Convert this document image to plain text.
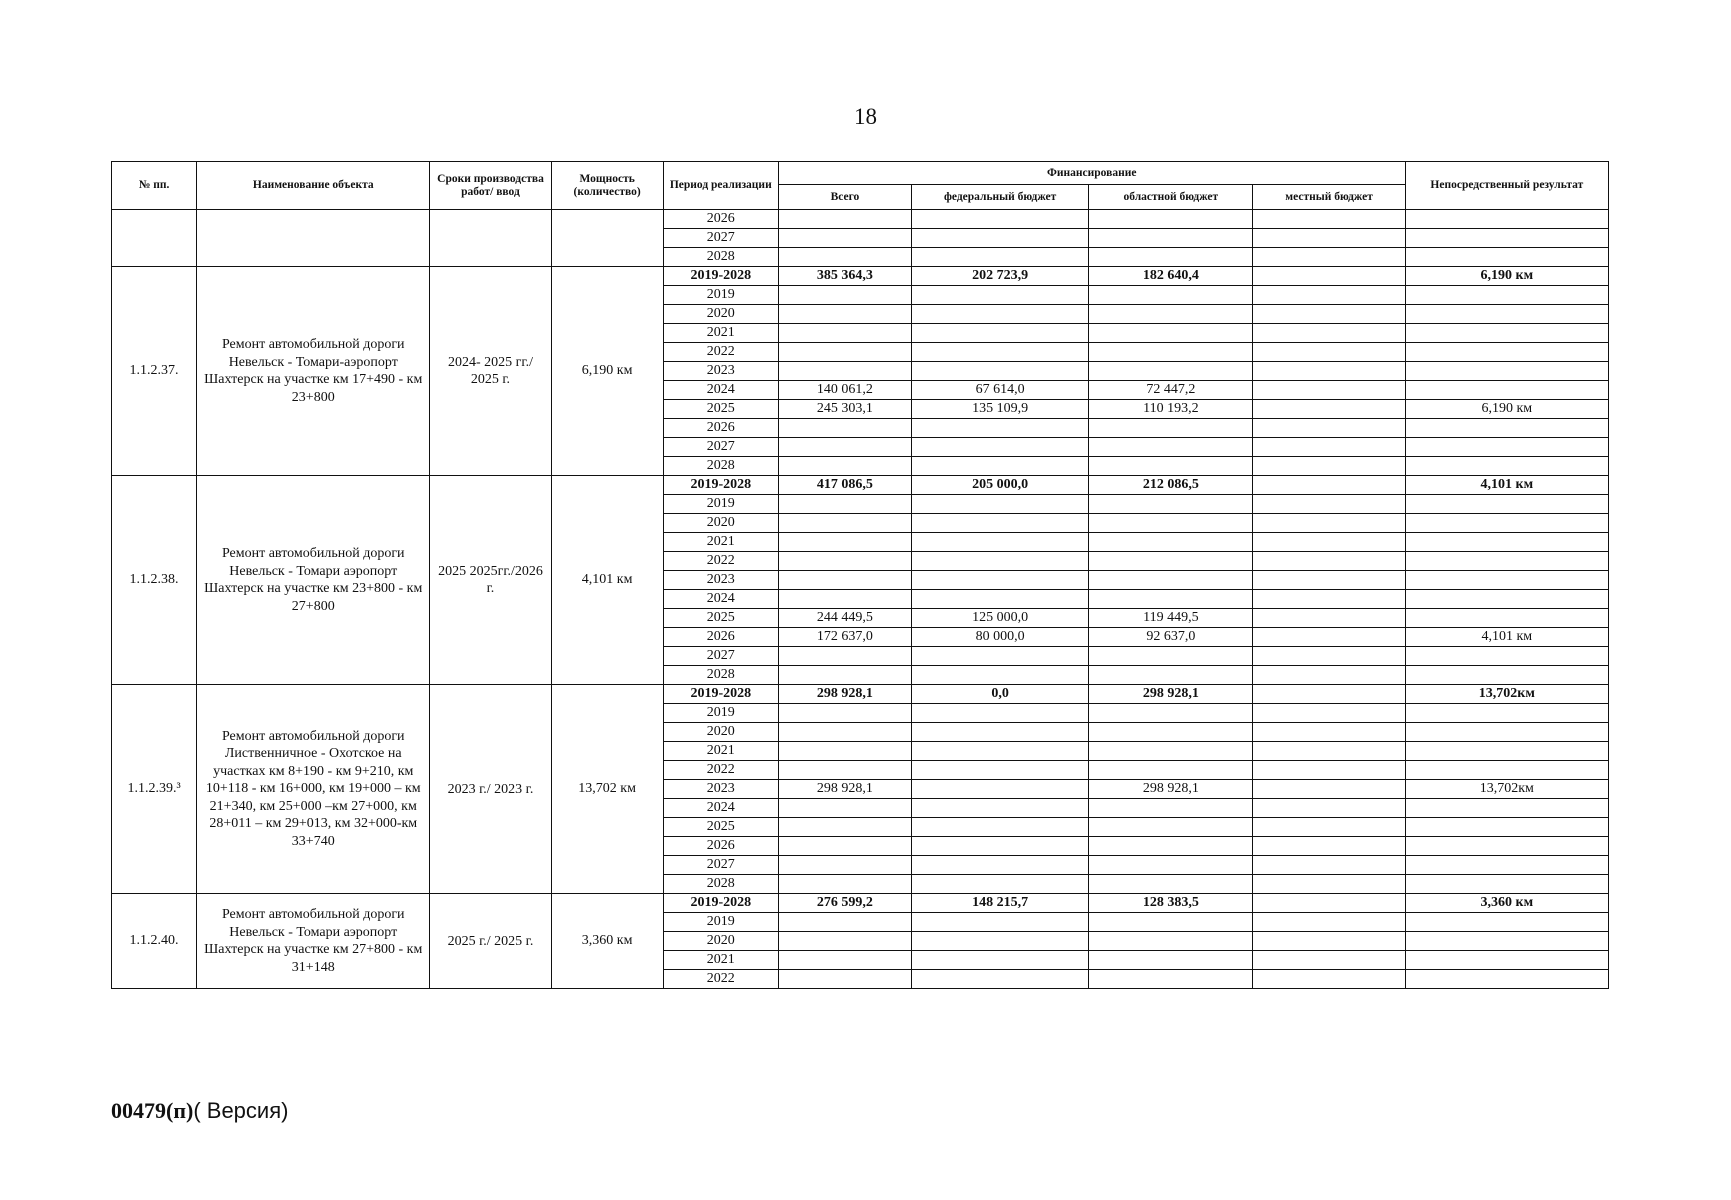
18
№ пп.	Наименование объекта	Сроки производства работ/ ввод	Мощность (количество)	Период реализации	Финансирование				Непосредственный результат
					Всего	федеральный бюджет	областной бюджет	местный бюджет	
				2026					
				2027					
				2028					
1.1.2.37.	Ремонт автомобильной дороги Невельск - Томари-аэропорт Шахтерск на участке км 17+490 - км 23+800	2024- 2025 гг./ 2025 г.	6,190 км	2019-2028	385 364,3	202 723,9	182 640,4		6,190 км
				2019					
				2020					
				2021					
				2022					
				2023					
				2024	140 061,2	67 614,0	72 447,2		
				2025	245 303,1	135 109,9	110 193,2		6,190 км
				2026					
				2027					
				2028					
1.1.2.38.	Ремонт автомобильной дороги Невельск - Томари аэропорт Шахтерск на участке км 23+800 - км 27+800	2025 2025гг./2026 г.	4,101 км	2019-2028	417 086,5	205 000,0	212 086,5		4,101 км
				2019					
				2020					
				2021					
				2022					
				2023					
				2024					
				2025	244 449,5	125 000,0	119 449,5		
				2026	172 637,0	80 000,0	92 637,0		4,101 км
				2027					
				2028					
1.1.2.39.³	Ремонт автомобильной дороги Лиственничное - Охотское на участках км 8+190 - км 9+210, км 10+118 - км 16+000, км 19+000 – км 21+340, км 25+000 –км 27+000, км 28+011 – км 29+013, км 32+000-км 33+740	2023 г./ 2023 г.	13,702 км	2019-2028	298 928,1	0,0	298 928,1		13,702км
				2019					
				2020					
				2021					
				2022					
				2023	298 928,1		298 928,1		13,702км
				2024					
				2025					
				2026					
				2027					
				2028					
1.1.2.40.	Ремонт автомобильной дороги Невельск - Томари аэропорт Шахтерск на участке км 27+800 - км 31+148	2025 г./ 2025 г.	3,360 км	2019-2028	276 599,2	148 215,7	128 383,5		3,360 км
				2019					
				2020					
				2021					
				2022					
00479(п)( Версия)
